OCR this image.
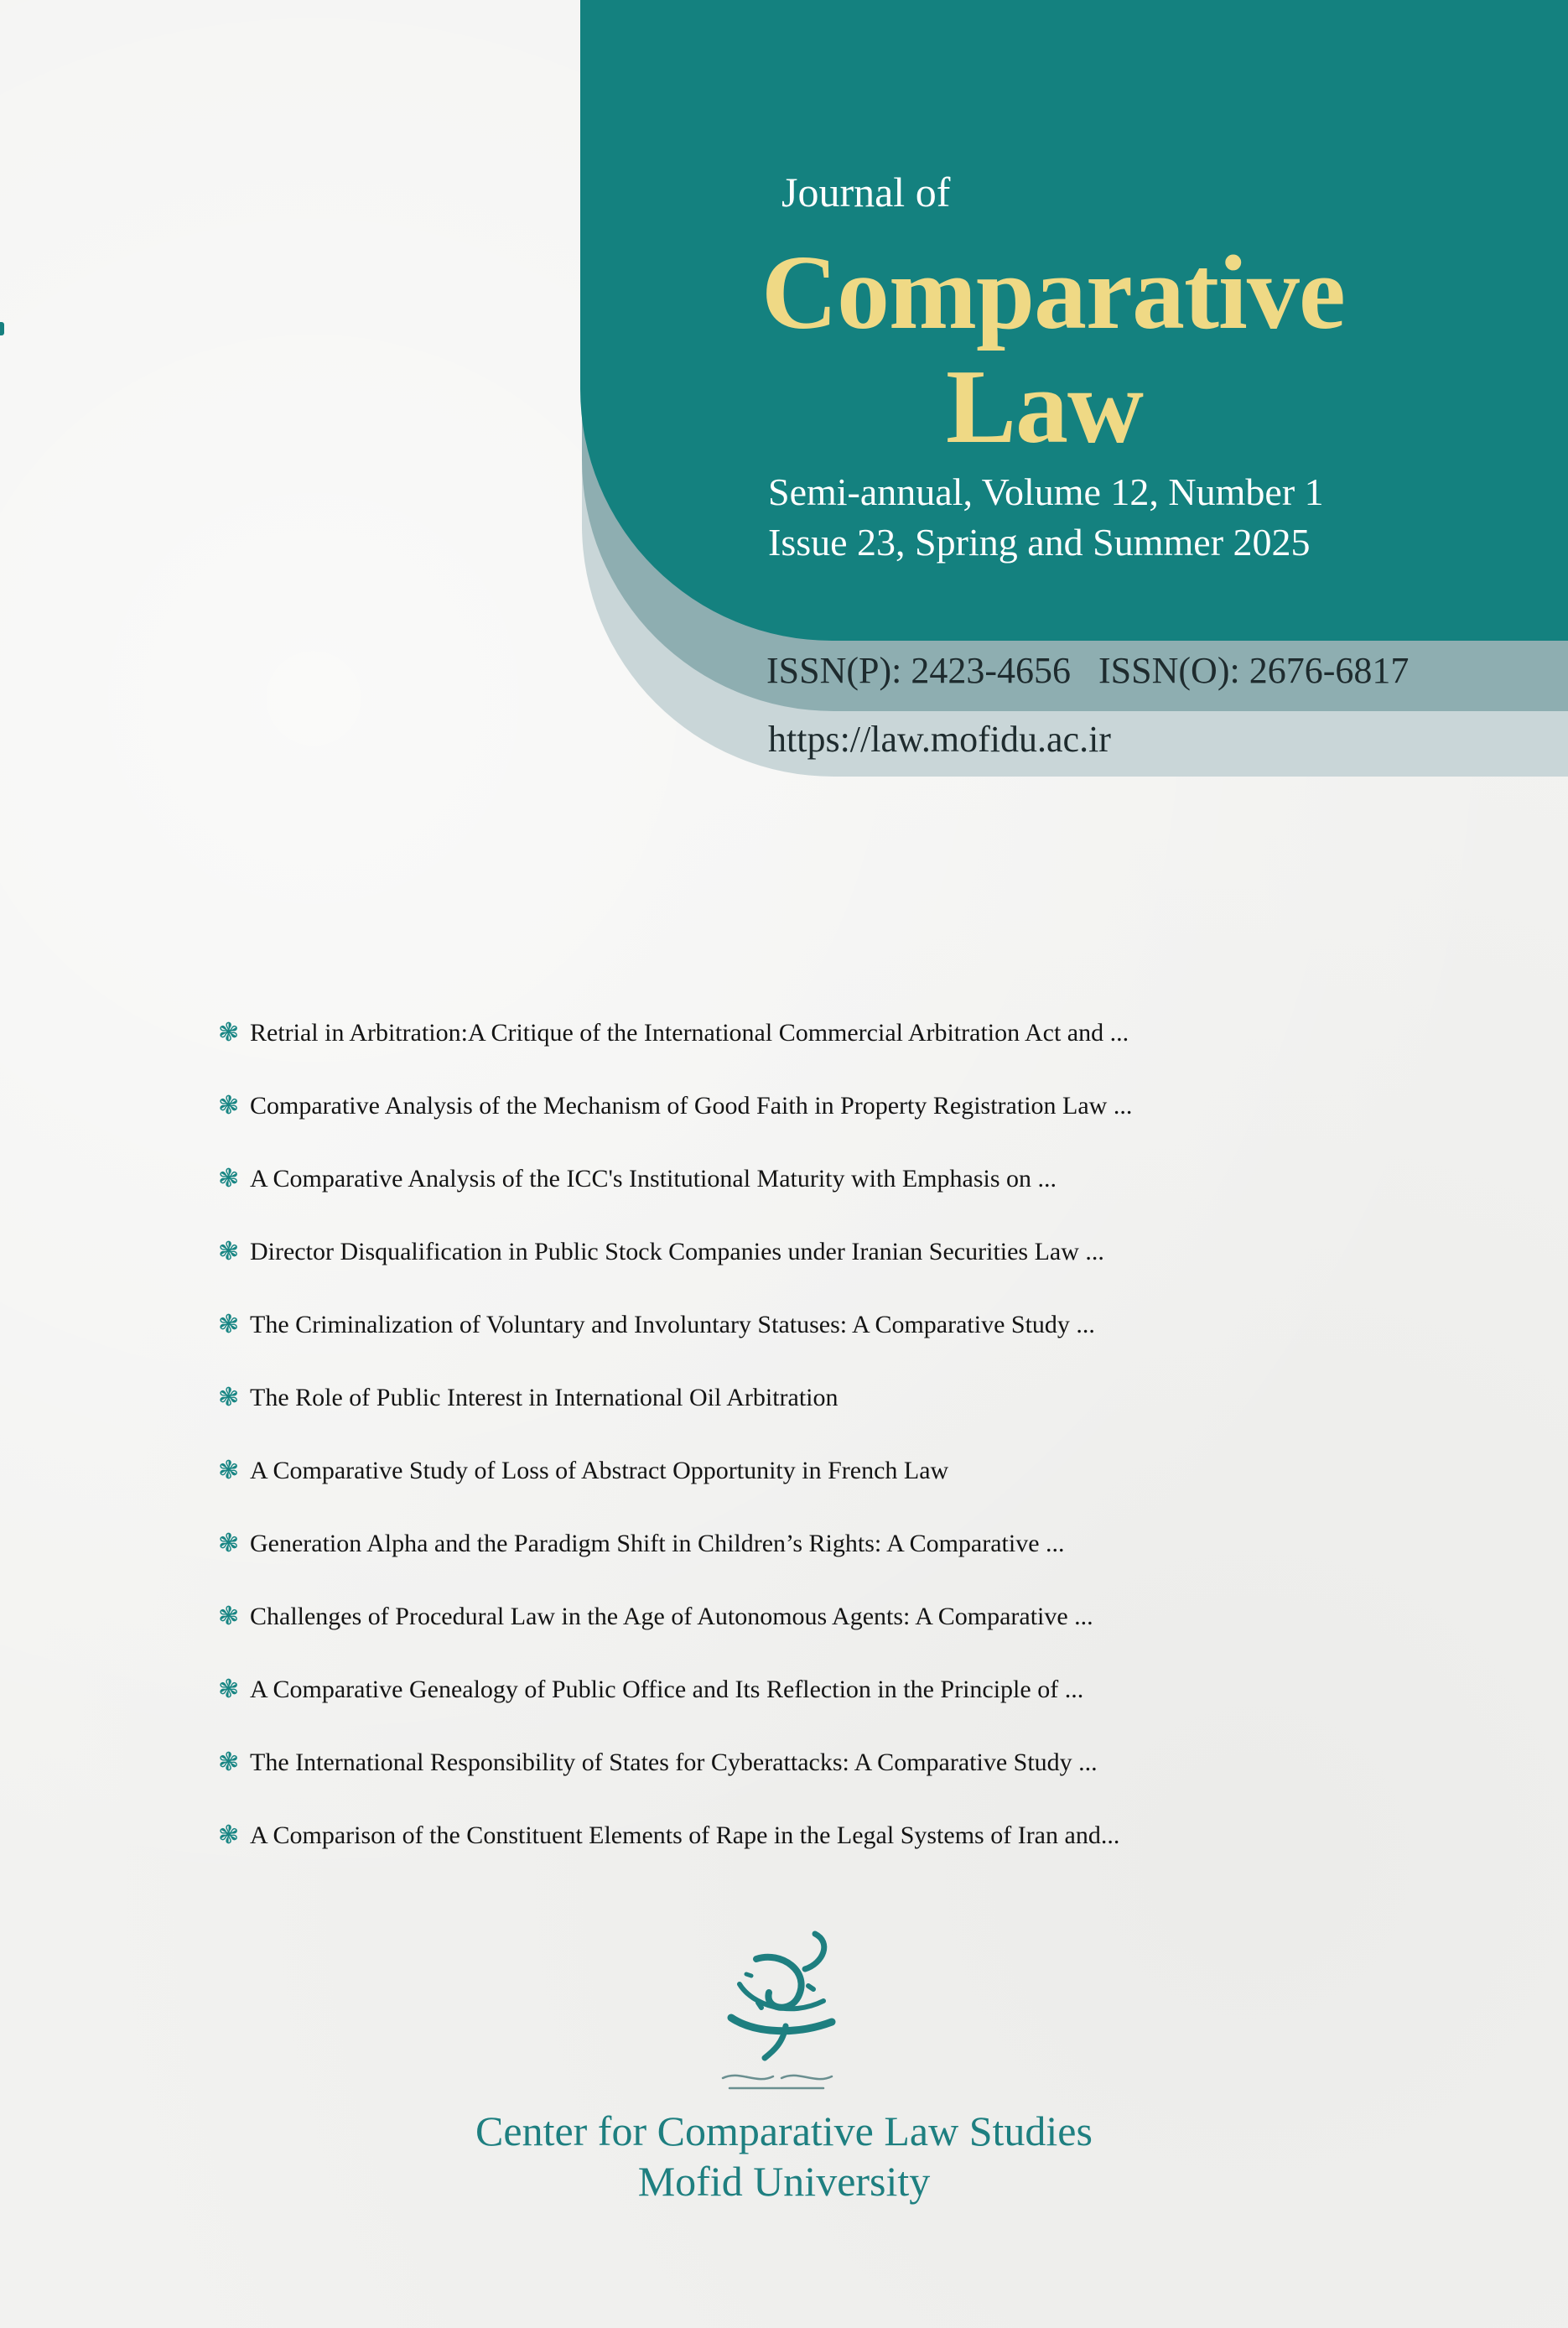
Journal of
Comparative
Law
Semi-annual, Volume 12, Number 1
Issue 23, Spring and Summer 2025
ISSN(P): 2423-4656   ISSN(O): 2676-6817
https://law.mofidu.ac.ir
❃ Retrial in Arbitration:A Critique of the International Commercial Arbitration Act and ...
❃ Comparative Analysis of the Mechanism of Good Faith in Property Registration Law ...
❃ A Comparative Analysis of the ICC's Institutional Maturity with Emphasis on ...
❃ Director Disqualification in Public Stock Companies under Iranian Securities Law ...
❃ The Criminalization of Voluntary and Involuntary Statuses: A Comparative Study ...
❃ The Role of Public Interest in International Oil Arbitration
❃ A Comparative Study of Loss of Abstract Opportunity in French Law
❃ Generation Alpha and the Paradigm Shift in Children’s Rights: A Comparative ...
❃ Challenges of Procedural Law in the Age of Autonomous Agents: A Comparative ...
❃ A Comparative Genealogy of Public Office and Its Reflection in the Principle of ...
❃ The International Responsibility of States for Cyberattacks: A Comparative Study ...
❃ A Comparison of the Constituent Elements of Rape in the Legal Systems of Iran and...
Center for Comparative Law Studies
Mofid University
